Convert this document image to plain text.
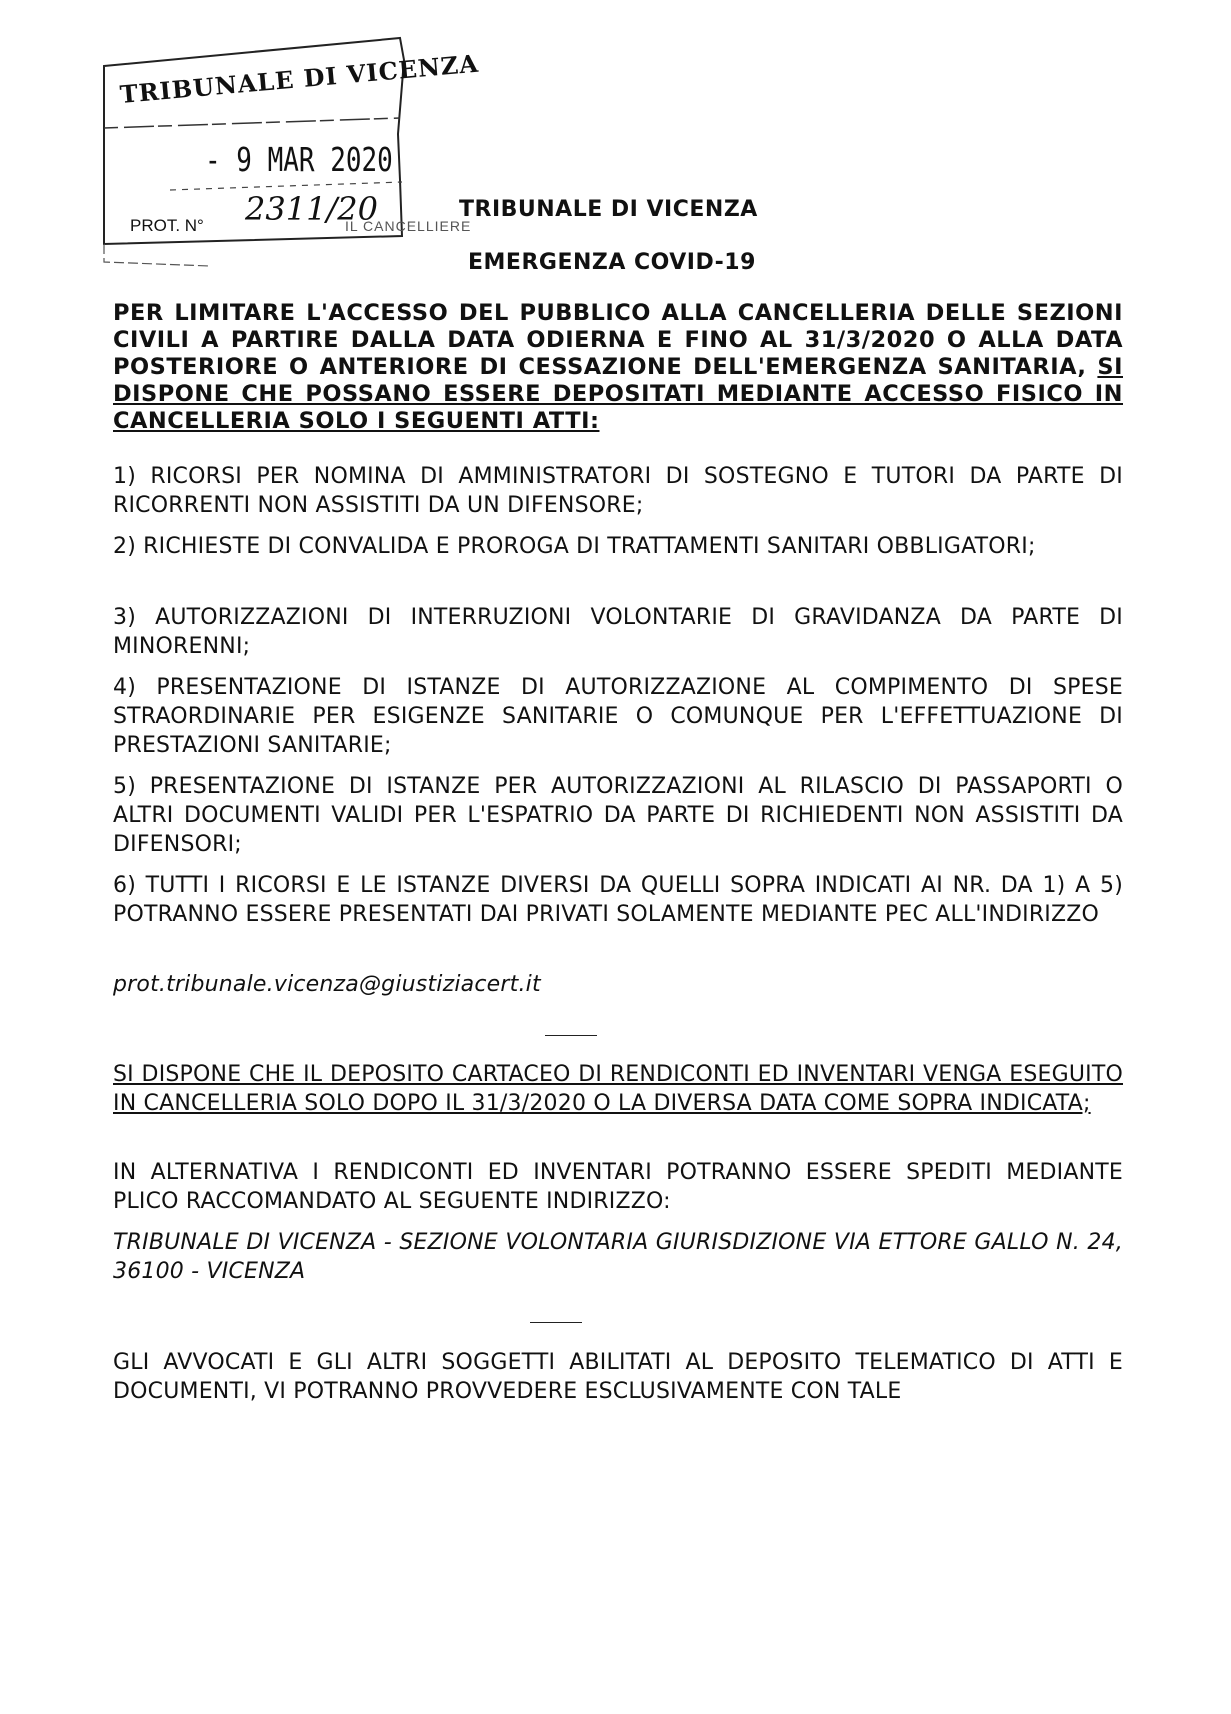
TRIBUNALE DI VICENZA
- 9 MAR 2020
PROT. N° 2311/20
IL CANCELLIERE
TRIBUNALE DI VICENZA
EMERGENZA COVID-19
PER LIMITARE L'ACCESSO DEL PUBBLICO ALLA CANCELLERIA DELLE SEZIONI CIVILI A PARTIRE DALLA DATA ODIERNA E FINO AL 31/3/2020 O ALLA DATA POSTERIORE O ANTERIORE DI CESSAZIONE DELL'EMERGENZA SANITARIA, SI DISPONE CHE POSSANO ESSERE DEPOSITATI MEDIANTE ACCESSO FISICO IN CANCELLERIA SOLO I SEGUENTI ATTI:
1) RICORSI PER NOMINA DI AMMINISTRATORI DI SOSTEGNO E TUTORI DA PARTE DI RICORRENTI NON ASSISTITI DA UN DIFENSORE;
2) RICHIESTE DI CONVALIDA E PROROGA DI TRATTAMENTI SANITARI OBBLIGATORI;
3) AUTORIZZAZIONI DI INTERRUZIONI VOLONTARIE DI GRAVIDANZA DA PARTE DI MINORENNI;
4) PRESENTAZIONE DI ISTANZE DI AUTORIZZAZIONE AL COMPIMENTO DI SPESE STRAORDINARIE PER ESIGENZE SANITARIE O COMUNQUE PER L'EFFETTUAZIONE DI PRESTAZIONI SANITARIE;
5) PRESENTAZIONE DI ISTANZE PER AUTORIZZAZIONI AL RILASCIO DI PASSAPORTI O ALTRI DOCUMENTI VALIDI PER L'ESPATRIO DA PARTE DI RICHIEDENTI NON ASSISTITI DA DIFENSORI;
6) TUTTI I RICORSI E LE ISTANZE DIVERSI DA QUELLI SOPRA INDICATI AI NR. DA 1) A 5) POTRANNO ESSERE PRESENTATI DAI PRIVATI SOLAMENTE MEDIANTE PEC ALL'INDIRIZZO
prot.tribunale.vicenza@giustiziacert.it
SI DISPONE CHE IL DEPOSITO CARTACEO DI RENDICONTI ED INVENTARI VENGA ESEGUITO IN CANCELLERIA SOLO DOPO IL 31/3/2020 O LA DIVERSA DATA COME SOPRA INDICATA;
IN ALTERNATIVA I RENDICONTI ED INVENTARI POTRANNO ESSERE SPEDITI MEDIANTE PLICO RACCOMANDATO AL SEGUENTE INDIRIZZO:
TRIBUNALE DI VICENZA - SEZIONE VOLONTARIA GIURISDIZIONE VIA ETTORE GALLO N. 24, 36100 - VICENZA
GLI AVVOCATI E GLI ALTRI SOGGETTI ABILITATI AL DEPOSITO TELEMATICO DI ATTI E DOCUMENTI, VI POTRANNO PROVVEDERE ESCLUSIVAMENTE CON TALE
